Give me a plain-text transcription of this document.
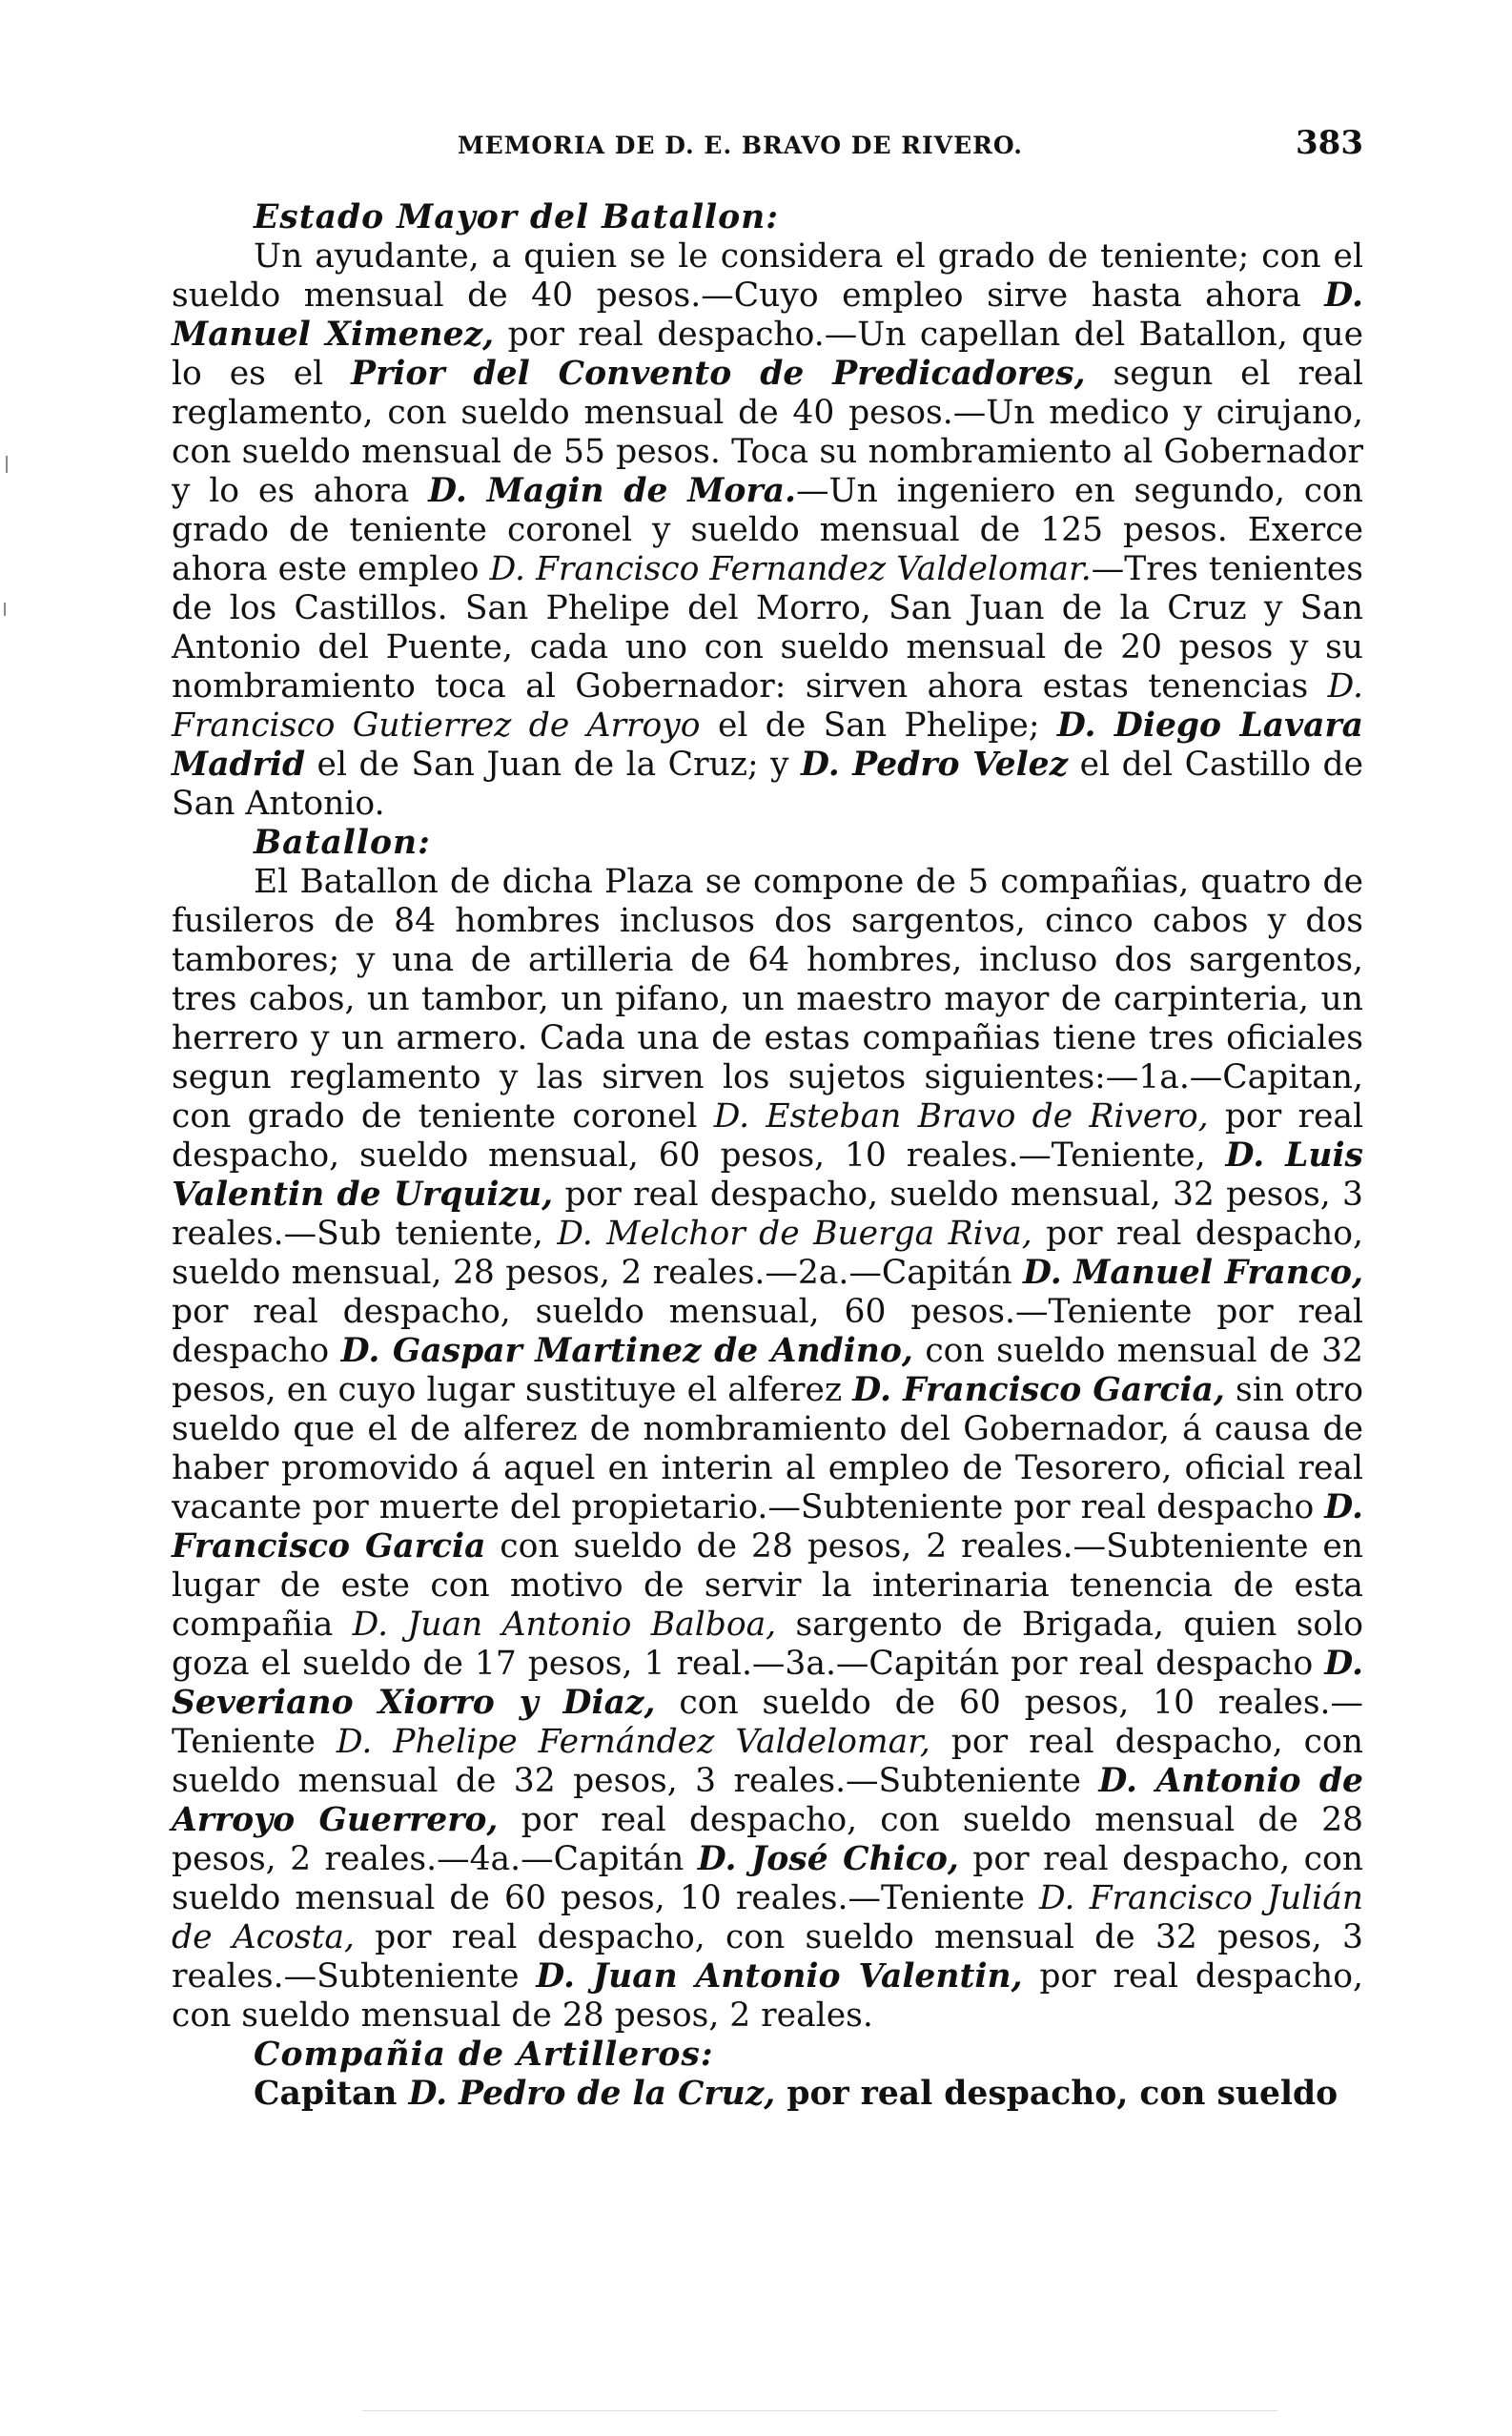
MEMORIA DE D. E. BRAVO DE RIVERO.	383
Estado Mayor del Batallon:

Un ayudante, a quien se le considera el grado de teniente; con el sueldo mensual de 40 pesos.—Cuyo empleo sirve hasta ahora D. Manuel Ximenez, por real despacho.—Un capellan del Batallon, que lo es el Prior del Convento de Predicadores, segun el real reglamento, con sueldo mensual de 40 pesos.—Un medico y cirujano, con sueldo mensual de 55 pesos. Toca su nombramiento al Gobernador y lo es ahora D. Magin de Mora.—Un ingeniero en segundo, con grado de teniente coronel y sueldo mensual de 125 pesos. Exerce ahora este empleo D. Francisco Fernandez Valdelomar.—Tres tenientes de los Castillos. San Phelipe del Morro, San Juan de la Cruz y San Antonio del Puente, cada uno con sueldo mensual de 20 pesos y su nombramiento toca al Gobernador: sirven ahora estas tenencias D. Francisco Gutierrez de Arroyo el de San Phelipe; D. Diego Lavara Madrid el de San Juan de la Cruz; y D. Pedro Velez el del Castillo de San Antonio.

Batallon:

El Batallon de dicha Plaza se compone de 5 compañias, quatro de fusileros de 84 hombres inclusos dos sargentos, cinco cabos y dos tambores; y una de artilleria de 64 hombres, incluso dos sargentos, tres cabos, un tambor, un pifano, un maestro mayor de carpinteria, un herrero y un armero. Cada una de estas compañias tiene tres oficiales segun reglamento y las sirven los sujetos siguientes:—1a.—Capitan, con grado de teniente coronel D. Esteban Bravo de Rivero, por real despacho, sueldo mensual, 60 pesos, 10 reales.—Teniente, D. Luis Valentin de Urquizu, por real despacho, sueldo mensual, 32 pesos, 3 reales.—Sub teniente, D. Melchor de Buerga Riva, por real despacho, sueldo mensual, 28 pesos, 2 reales.—2a.—Capitán D. Manuel Franco, por real despacho, sueldo mensual, 60 pesos.—Teniente por real despacho D. Gaspar Martinez de Andino, con sueldo mensual de 32 pesos, en cuyo lugar sustituye el alferez D. Francisco Garcia, sin otro sueldo que el de alferez de nombramiento del Gobernador, á causa de haber promovido á aquel en interin al empleo de Tesorero, oficial real vacante por muerte del propietario.—Subteniente por real despacho D. Francisco Garcia con sueldo de 28 pesos, 2 reales.—Subteniente en lugar de este con motivo de servir la interinaria tenencia de esta compañia D. Juan Antonio Balboa, sargento de Brigada, quien solo goza el sueldo de 17 pesos, 1 real.—3a.—Capitán por real despacho D. Severiano Xiorro y Diaz, con sueldo de 60 pesos, 10 reales.—Teniente D. Phelipe Fernández Valdelomar, por real despacho, con sueldo mensual de 32 pesos, 3 reales.—Subteniente D. Antonio de Arroyo Guerrero, por real despacho, con sueldo mensual de 28 pesos, 2 reales.—4a.—Capitán D. José Chico, por real despacho, con sueldo mensual de 60 pesos, 10 reales.—Teniente D. Francisco Julián de Acosta, por real despacho, con sueldo mensual de 32 pesos, 3 reales.—Subteniente D. Juan Antonio Valentin, por real despacho, con sueldo mensual de 28 pesos, 2 reales.

Compañia de Artilleros:

Capitan D. Pedro de la Cruz, por real despacho, con sueldo
